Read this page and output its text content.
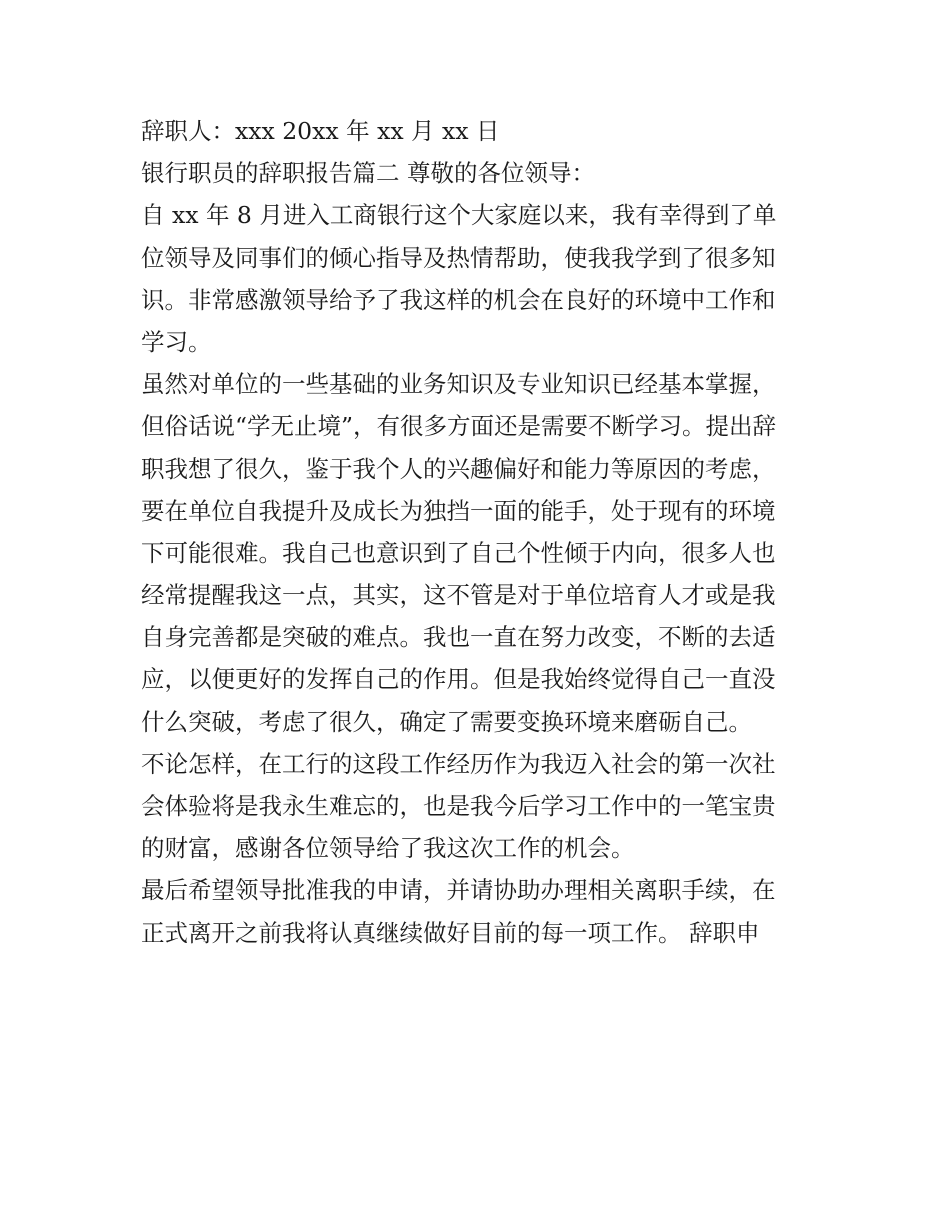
辞职人：xxx 20xx 年 xx 月 xx 日
银行职员的辞职报告篇二 尊敬的各位领导：
自 xx 年 8 月进入工商银行这个大家庭以来，我有幸得到了单
位领导及同事们的倾心指导及热情帮助，使我我学到了很多知
识。非常感激领导给予了我这样的机会在良好的环境中工作和
学习。
虽然对单位的一些基础的业务知识及专业知识已经基本掌握，
但俗话说“学无止境”，有很多方面还是需要不断学习。提出辞
职我想了很久，鉴于我个人的兴趣偏好和能力等原因的考虑，
要在单位自我提升及成长为独挡一面的能手，处于现有的环境
下可能很难。我自己也意识到了自己个性倾于内向，很多人也
经常提醒我这一点，其实，这不管是对于单位培育人才或是我
自身完善都是突破的难点。我也一直在努力改变，不断的去适
应，以便更好的发挥自己的作用。但是我始终觉得自己一直没
什么突破，考虑了很久，确定了需要变换环境来磨砺自己。
不论怎样，在工行的这段工作经历作为我迈入社会的第一次社
会体验将是我永生难忘的，也是我今后学习工作中的一笔宝贵
的财富，感谢各位领导给了我这次工作的机会。
最后希望领导批准我的申请，并请协助办理相关离职手续，在
正式离开之前我将认真继续做好目前的每一项工作。 辞职申
